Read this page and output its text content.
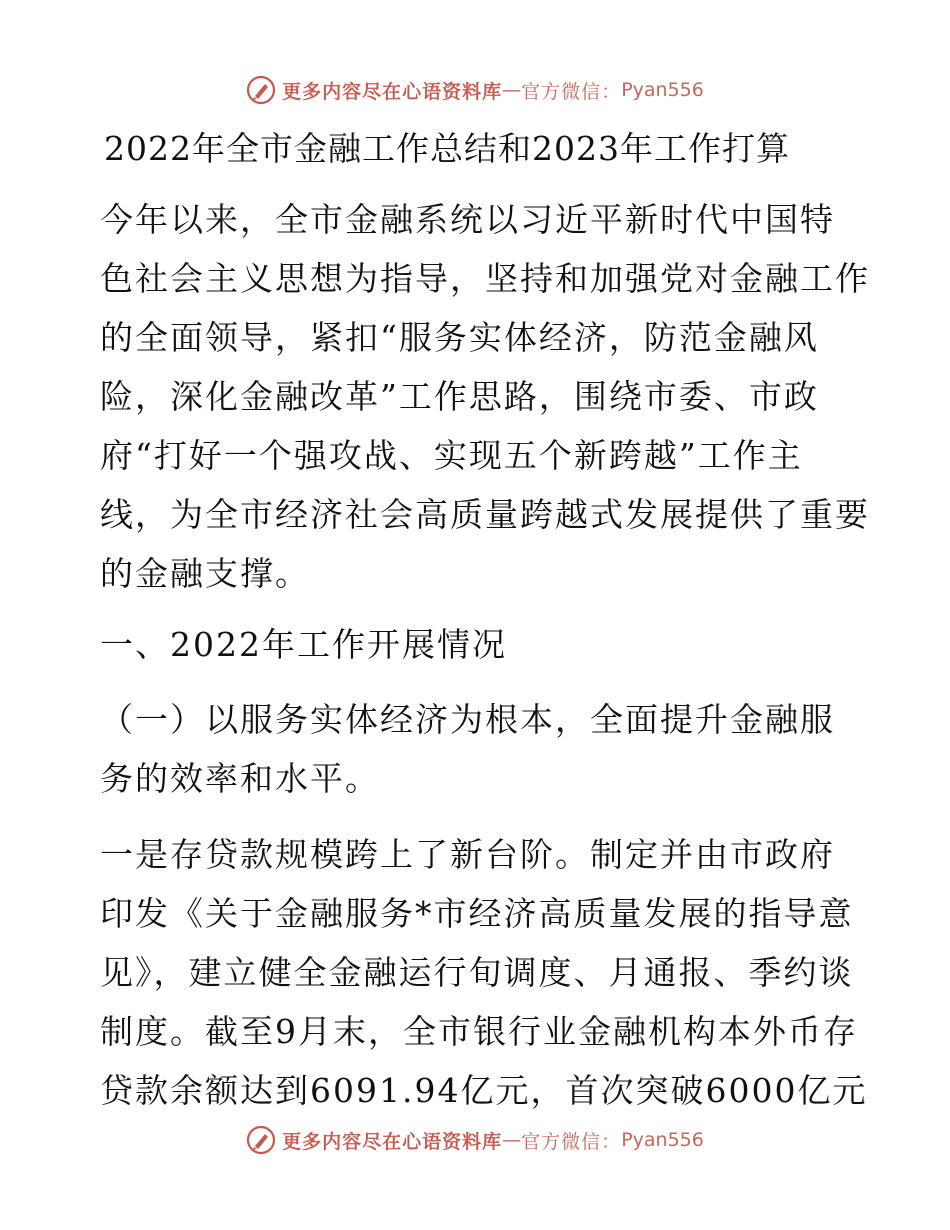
更多内容尽在心语资料库 — 官方微信： Pyan556
2022年全市金融工作总结和2023年工作打算
今年以来，全市金融系统以习近平新时代中国特
色社会主义思想为指导，坚持和加强党对金融工作
的全面领导，紧扣“服务实体经济，防范金融风
险，深化金融改革”工作思路，围绕市委、市政
府“打好一个强攻战、实现五个新跨越”工作主
线，为全市经济社会高质量跨越式发展提供了重要
的金融支撑。
一、2022年工作开展情况
（一）以服务实体经济为根本，全面提升金融服
务的效率和水平。
一是存贷款规模跨上了新台阶。制定并由市政府
印发《关于金融服务*市经济高质量发展的指导意
见》，建立健全金融运行旬调度、月通报、季约谈
制度。截至9月末，全市银行业金融机构本外币存
贷款余额达到6091.94亿元，首次突破6000亿元
更多内容尽在心语资料库 — 官方微信： Pyan556
